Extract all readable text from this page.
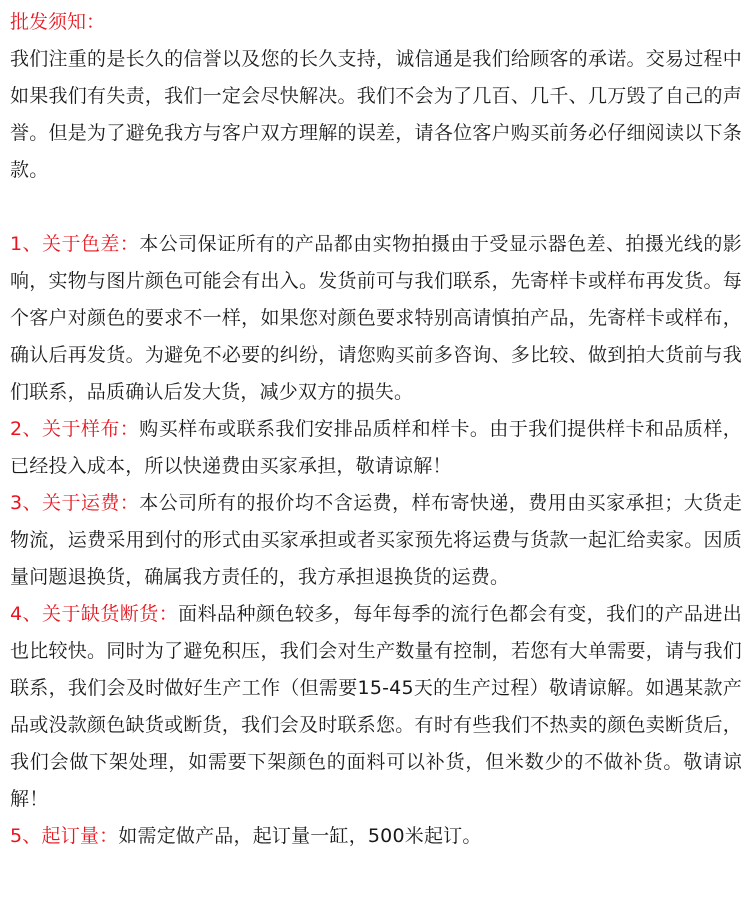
批发须知：

我们注重的是长久的信誉以及您的长久支持，诚信通是我们给顾客的承诺。交易过程中如果我们有失责，我们一定会尽快解决。我们不会为了几百、几千、几万毁了自己的声誉。但是为了避免我方与客户双方理解的误差，请各位客户购买前务必仔细阅读以下条款。

1、关于色差：本公司保证所有的产品都由实物拍摄由于受显示器色差、拍摄光线的影响，实物与图片颜色可能会有出入。发货前可与我们联系，先寄样卡或样布再发货。每个客户对颜色的要求不一样，如果您对颜色要求特别高请慎拍产品，先寄样卡或样布，确认后再发货。为避免不必要的纠纷，请您购买前多咨询、多比较、做到拍大货前与我们联系，品质确认后发大货，减少双方的损失。

2、关于样布：购买样布或联系我们安排品质样和样卡。由于我们提供样卡和品质样，已经投入成本，所以快递费由买家承担，敬请谅解！

3、关于运费：本公司所有的报价均不含运费，样布寄快递，费用由买家承担；大货走物流，运费采用到付的形式由买家承担或者买家预先将运费与货款一起汇给卖家。因质量问题退换货，确属我方责任的，我方承担退换货的运费。

4、关于缺货断货：面料品种颜色较多，每年每季的流行色都会有变，我们的产品进出也比较快。同时为了避免积压，我们会对生产数量有控制，若您有大单需要，请与我们联系，我们会及时做好生产工作（但需要15-45天的生产过程）敬请谅解。如遇某款产品或没款颜色缺货或断货，我们会及时联系您。有时有些我们不热卖的颜色卖断货后，我们会做下架处理，如需要下架颜色的面料可以补货，但米数少的不做补货。敬请谅解！

5、起订量：如需定做产品，起订量一缸，500米起订。
